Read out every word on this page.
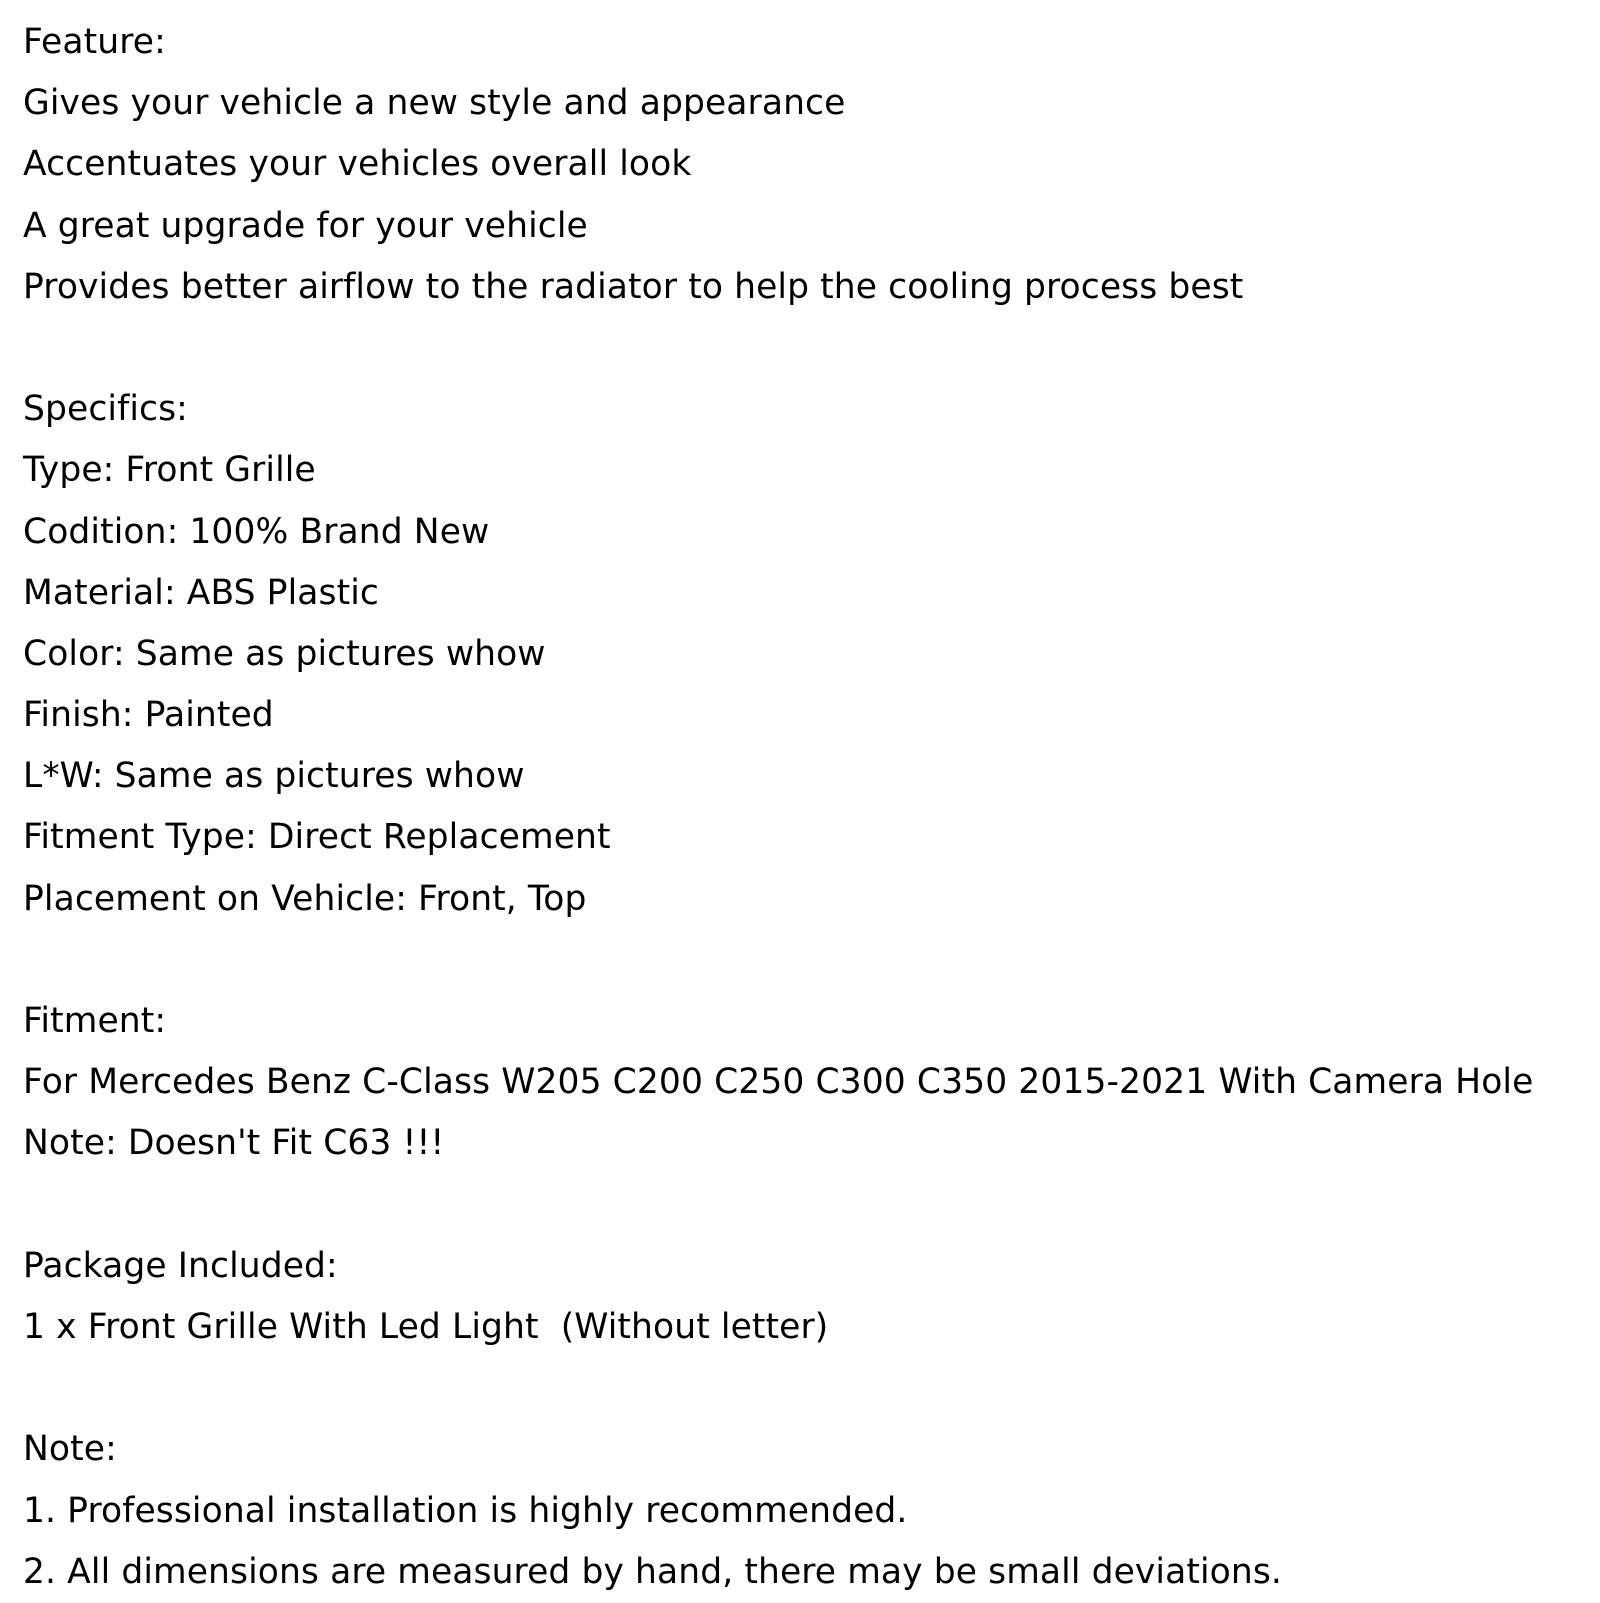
Feature:
Gives your vehicle a new style and appearance
Accentuates your vehicles overall look
A great upgrade for your vehicle
Provides better airflow to the radiator to help the cooling process best
Specifics:
Type: Front Grille
Codition: 100% Brand New
Material: ABS Plastic
Color: Same as pictures whow
Finish: Painted
L*W: Same as pictures whow
Fitment Type: Direct Replacement
Placement on Vehicle: Front, Top
Fitment:
For Mercedes Benz C-Class W205 C200 C250 C300 C350 2015-2021 With Camera Hole
Note: Doesn't Fit C63 !!!
Package Included:
1 x Front Grille With Led Light  (Without letter)
Note:
1. Professional installation is highly recommended.
2. All dimensions are measured by hand, there may be small deviations.
